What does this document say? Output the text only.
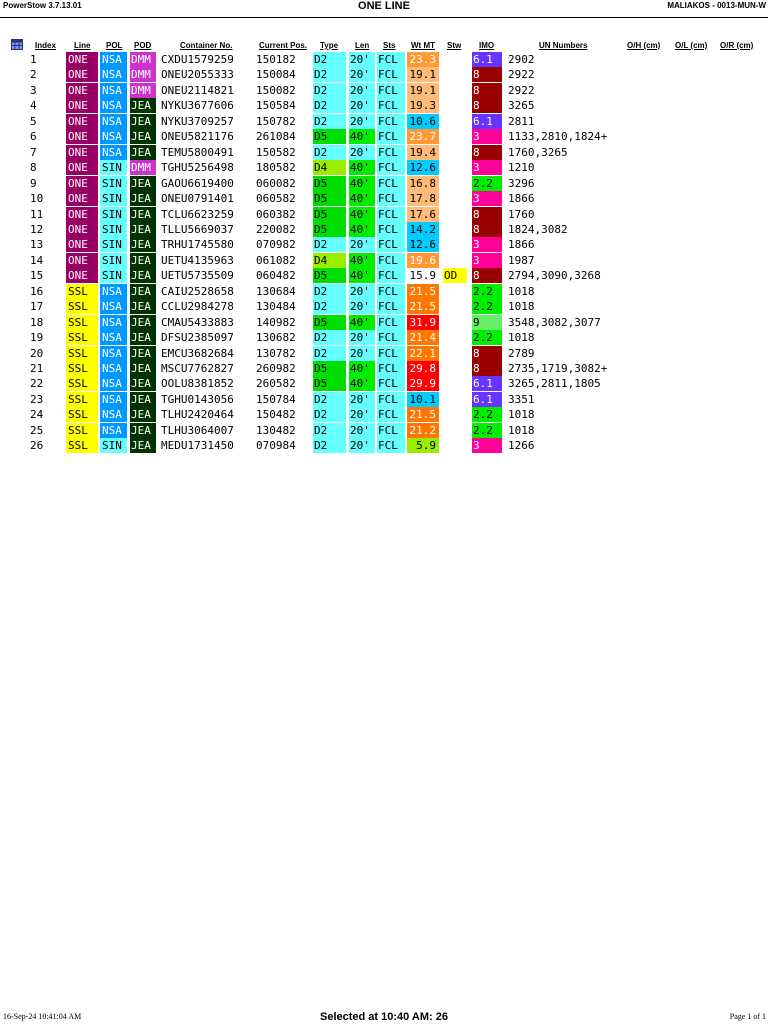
PowerStow 3.7.13.01	ONE LINE	MALIAKOS - 0013-MUN-W
Index Line POL POD	Container No.	Current Pos. Type Len Sts Wt MT Stw IMO	UN Numbers	O/H (cm) O/L (cm) O/R (cm)
1	ONE	NSA DMM CXDU1579259 150182 D2	20' FCL	23.3	6.1	2902
2	ONE	NSA DMM ONEU2055333 150084 D2	20' FCL	19.1	8	2922
3	ONE	NSA DMM ONEU2114821 150082 D2	20' FCL	19.1	8	2922
4	ONE	NSA JEA NYKU3677606 150584 D2	20' FCL	19.3	8	3265
5	ONE	NSA JEA NYKU3709257 150782 D2	20' FCL	10.6	6.1	2811
6	ONE	NSA JEA ONEU5821176 261084 D5	40' FCL	23.7	3	1133,2810,1824+
7	ONE	NSA JEA TEMU5800491 150582 D2	20' FCL	19.4	8	1760,3265
8	ONE	SIN DMM TGHU5256498 180582 D4	40' FCL	12.6	3	1210
9	ONE	SIN JEA GAOU6619400 060082 D5	40' FCL	16.8	2.2	3296
10 ONE	SIN JEA ONEU0791401 060582 D5	40' FCL	17.8	3	1866
11 ONE	SIN JEA TCLU6623259 060382 D5	40' FCL	17.6	8	1760
12 ONE	SIN JEA TLLU5669037 220082 D5	40' FCL	14.2	8	1824,3082
13 ONE	SIN JEA TRHU1745580 070982 D2	20' FCL	12.6	3	1866
14 ONE	SIN JEA UETU4135963 061082 D4	40' FCL	19.6	3	1987
15 ONE	SIN JEA UETU5735509 060482 D5	40' FCL	15.9 OD	8	2794,3090,3268
16 SSL	NSA JEA CAIU2528658 130684 D2	20' FCL	21.5	2.2	1018
17 SSL	NSA JEA CCLU2984278 130484 D2	20' FCL	21.5	2.2	1018
18 SSL	NSA JEA CMAU5433883 140982 D5	40' FCL	31.9	9	3548,3082,3077
19 SSL	NSA JEA DFSU2385097 130682 D2	20' FCL	21.4	2.2	1018
20 SSL	NSA JEA EMCU3682684 130782 D2	20' FCL	22.1	8	2789
21 SSL	NSA JEA MSCU7762827 260982 D5	40' FCL	29.8	8	2735,1719,3082+
22 SSL	NSA JEA OOLU8381852 260582 D5	40' FCL	29.9	6.1	3265,2811,1805
23 SSL	NSA JEA TGHU0143056 150784 D2	20' FCL	10.1	6.1	3351
24 SSL	NSA JEA TLHU2420464 150482 D2	20' FCL	21.5	2.2	1018
25 SSL	NSA JEA TLHU3064007 130482 D2	20' FCL	21.2	2.2	1018
26 SSL	SIN JEA MEDU1731450 070984 D2	20' FCL	5.9	3	1266
16-Sep-24 10:41:04 AM	Selected at 10:40 AM: 26	Page 1 of 1
